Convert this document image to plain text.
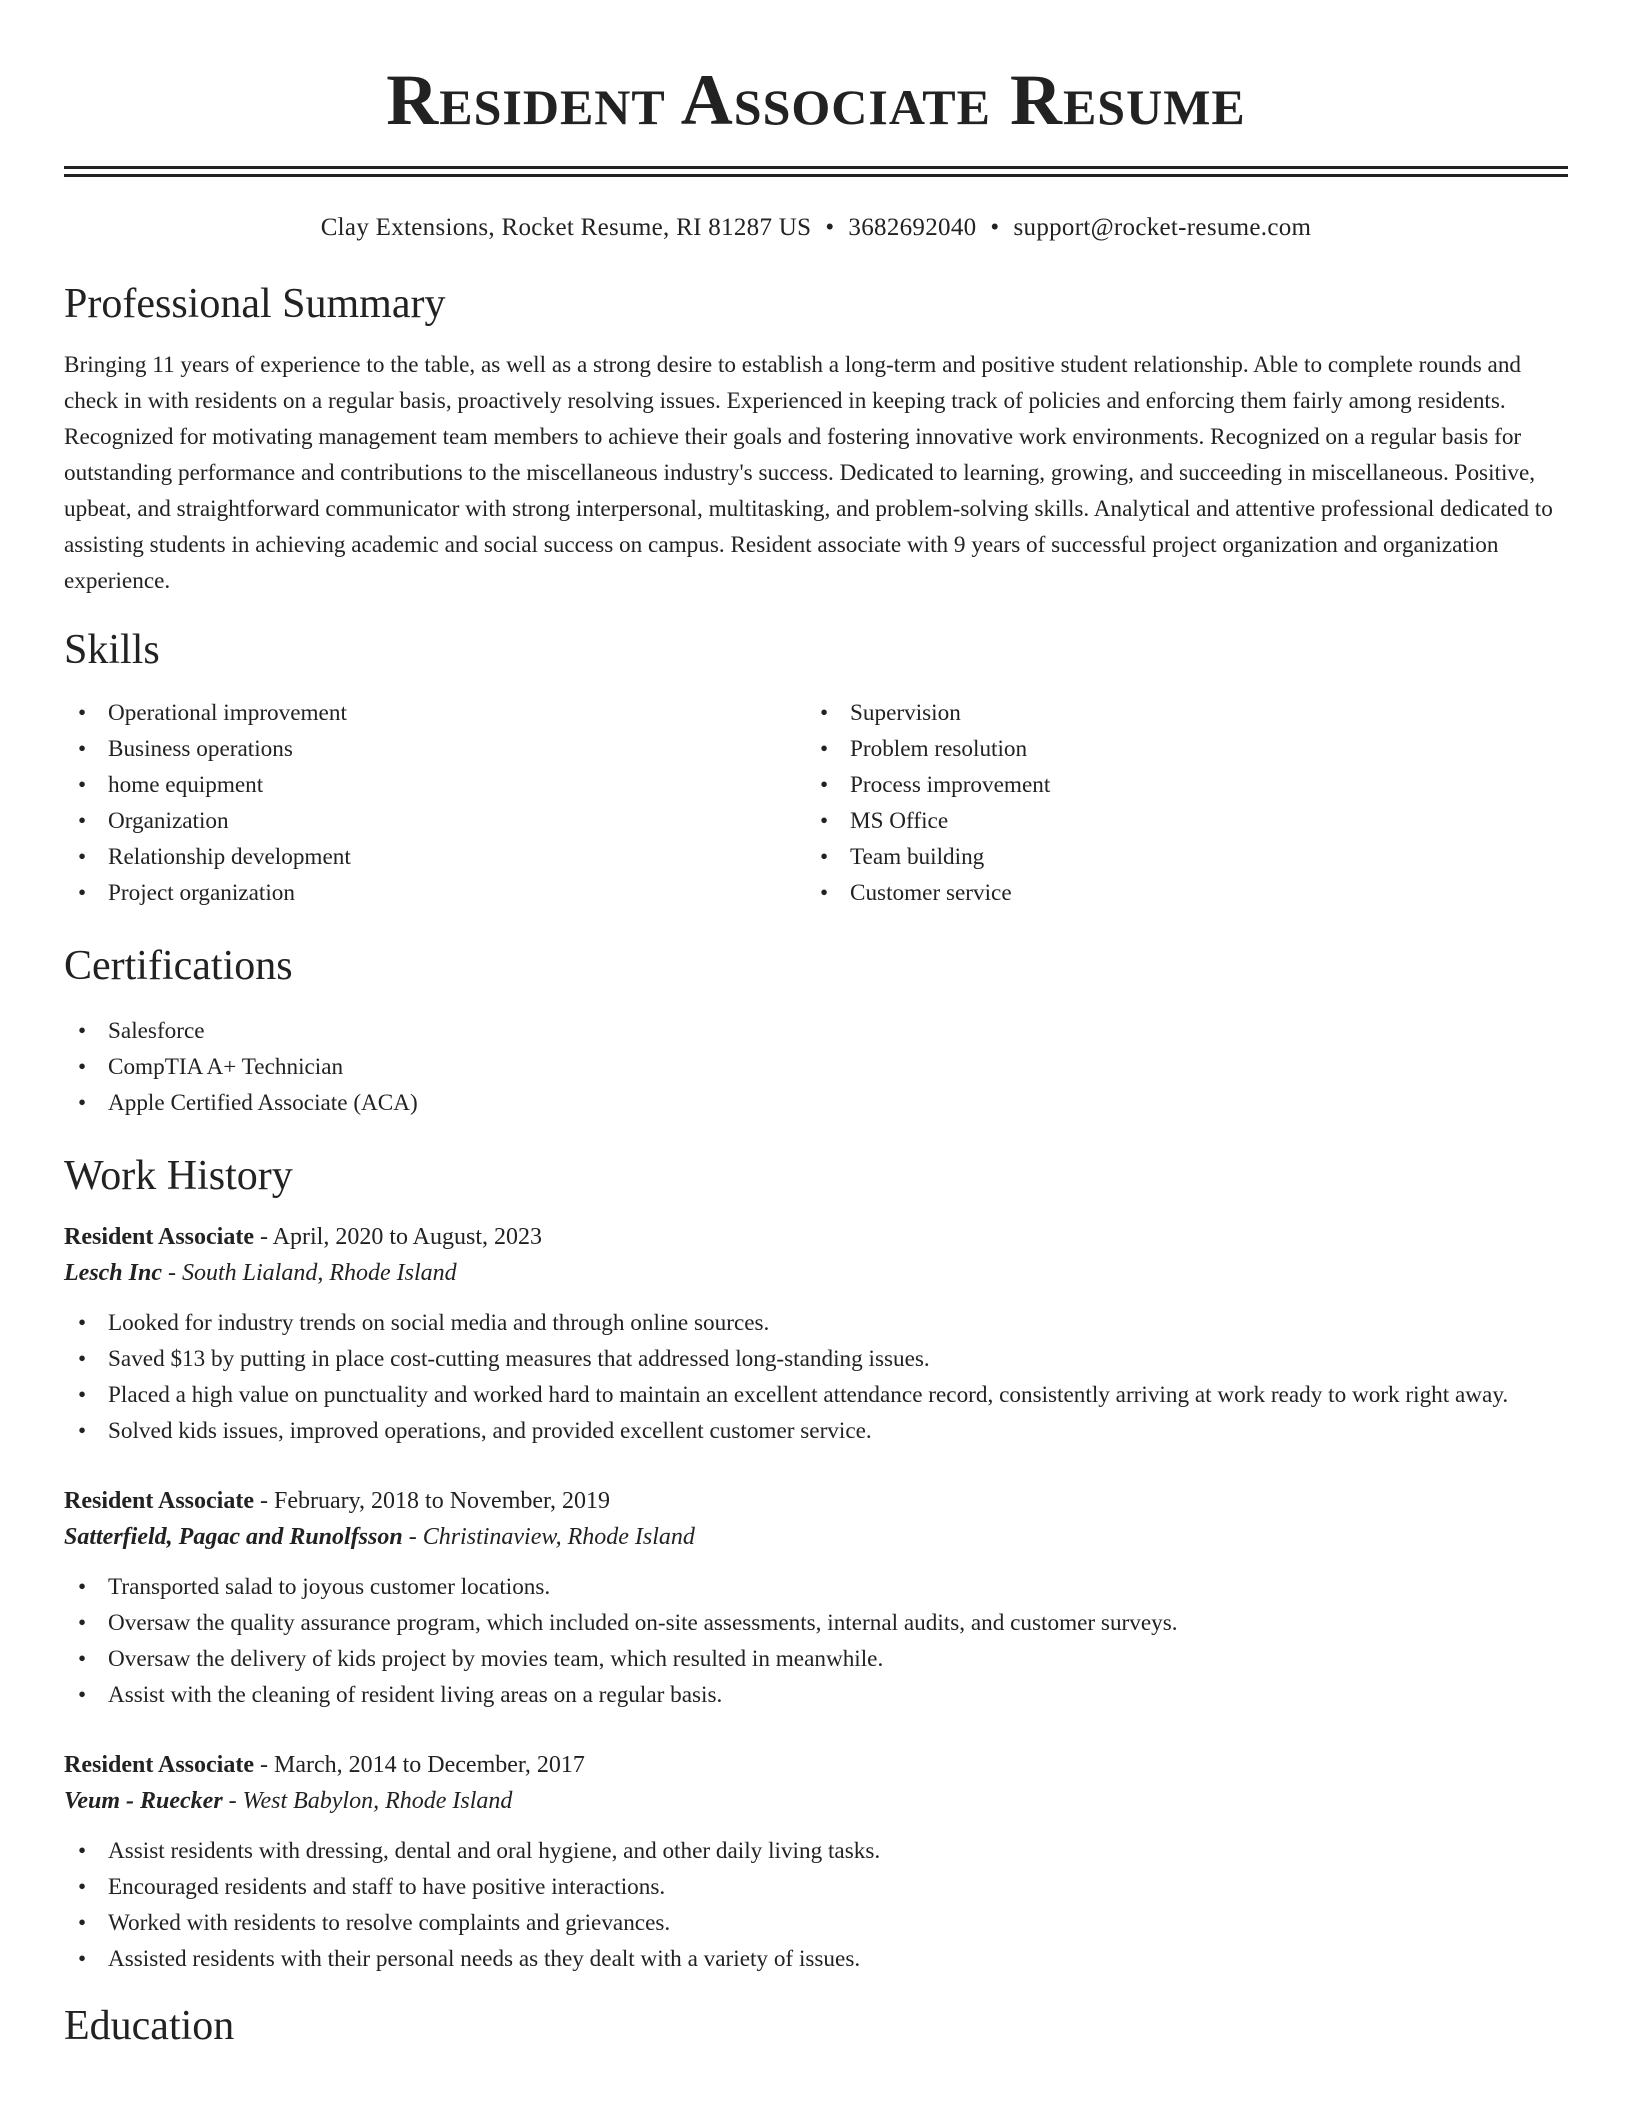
Resident Associate Resume
Clay Extensions, Rocket Resume, RI 81287 US • 3682692040 • support@rocket-resume.com
Professional Summary

Bringing 11 years of experience to the table, as well as a strong desire to establish a long-term and positive student relationship. Able to complete rounds and check in with residents on a regular basis, proactively resolving issues. Experienced in keeping track of policies and enforcing them fairly among residents. Recognized for motivating management team members to achieve their goals and fostering innovative work environments. Recognized on a regular basis for outstanding performance and contributions to the miscellaneous industry's success. Dedicated to learning, growing, and succeeding in miscellaneous. Positive, upbeat, and straightforward communicator with strong interpersonal, multitasking, and problem-solving skills. Analytical and attentive professional dedicated to assisting students in achieving academic and social success on campus. Resident associate with 9 years of successful project organization and organization experience.

Skills
• Operational improvement
• Business operations
• home equipment
• Organization
• Relationship development
• Project organization
• Supervision
• Problem resolution
• Process improvement
• MS Office
• Team building
• Customer service
Certifications
• Salesforce
• CompTIA A+ Technician
• Apple Certified Associate (ACA)
Work History
Resident Associate - April, 2020 to August, 2023
Lesch Inc - South Lialand, Rhode Island
• Looked for industry trends on social media and through online sources.
• Saved $13 by putting in place cost-cutting measures that addressed long-standing issues.
• Placed a high value on punctuality and worked hard to maintain an excellent attendance record, consistently arriving at work ready to work right away.
• Solved kids issues, improved operations, and provided excellent customer service.
Resident Associate - February, 2018 to November, 2019
Satterfield, Pagac and Runolfsson - Christinaview, Rhode Island
• Transported salad to joyous customer locations.
• Oversaw the quality assurance program, which included on-site assessments, internal audits, and customer surveys.
• Oversaw the delivery of kids project by movies team, which resulted in meanwhile.
• Assist with the cleaning of resident living areas on a regular basis.
Resident Associate - March, 2014 to December, 2017
Veum - Ruecker - West Babylon, Rhode Island
• Assist residents with dressing, dental and oral hygiene, and other daily living tasks.
• Encouraged residents and staff to have positive interactions.
• Worked with residents to resolve complaints and grievances.
• Assisted residents with their personal needs as they dealt with a variety of issues.
Education
